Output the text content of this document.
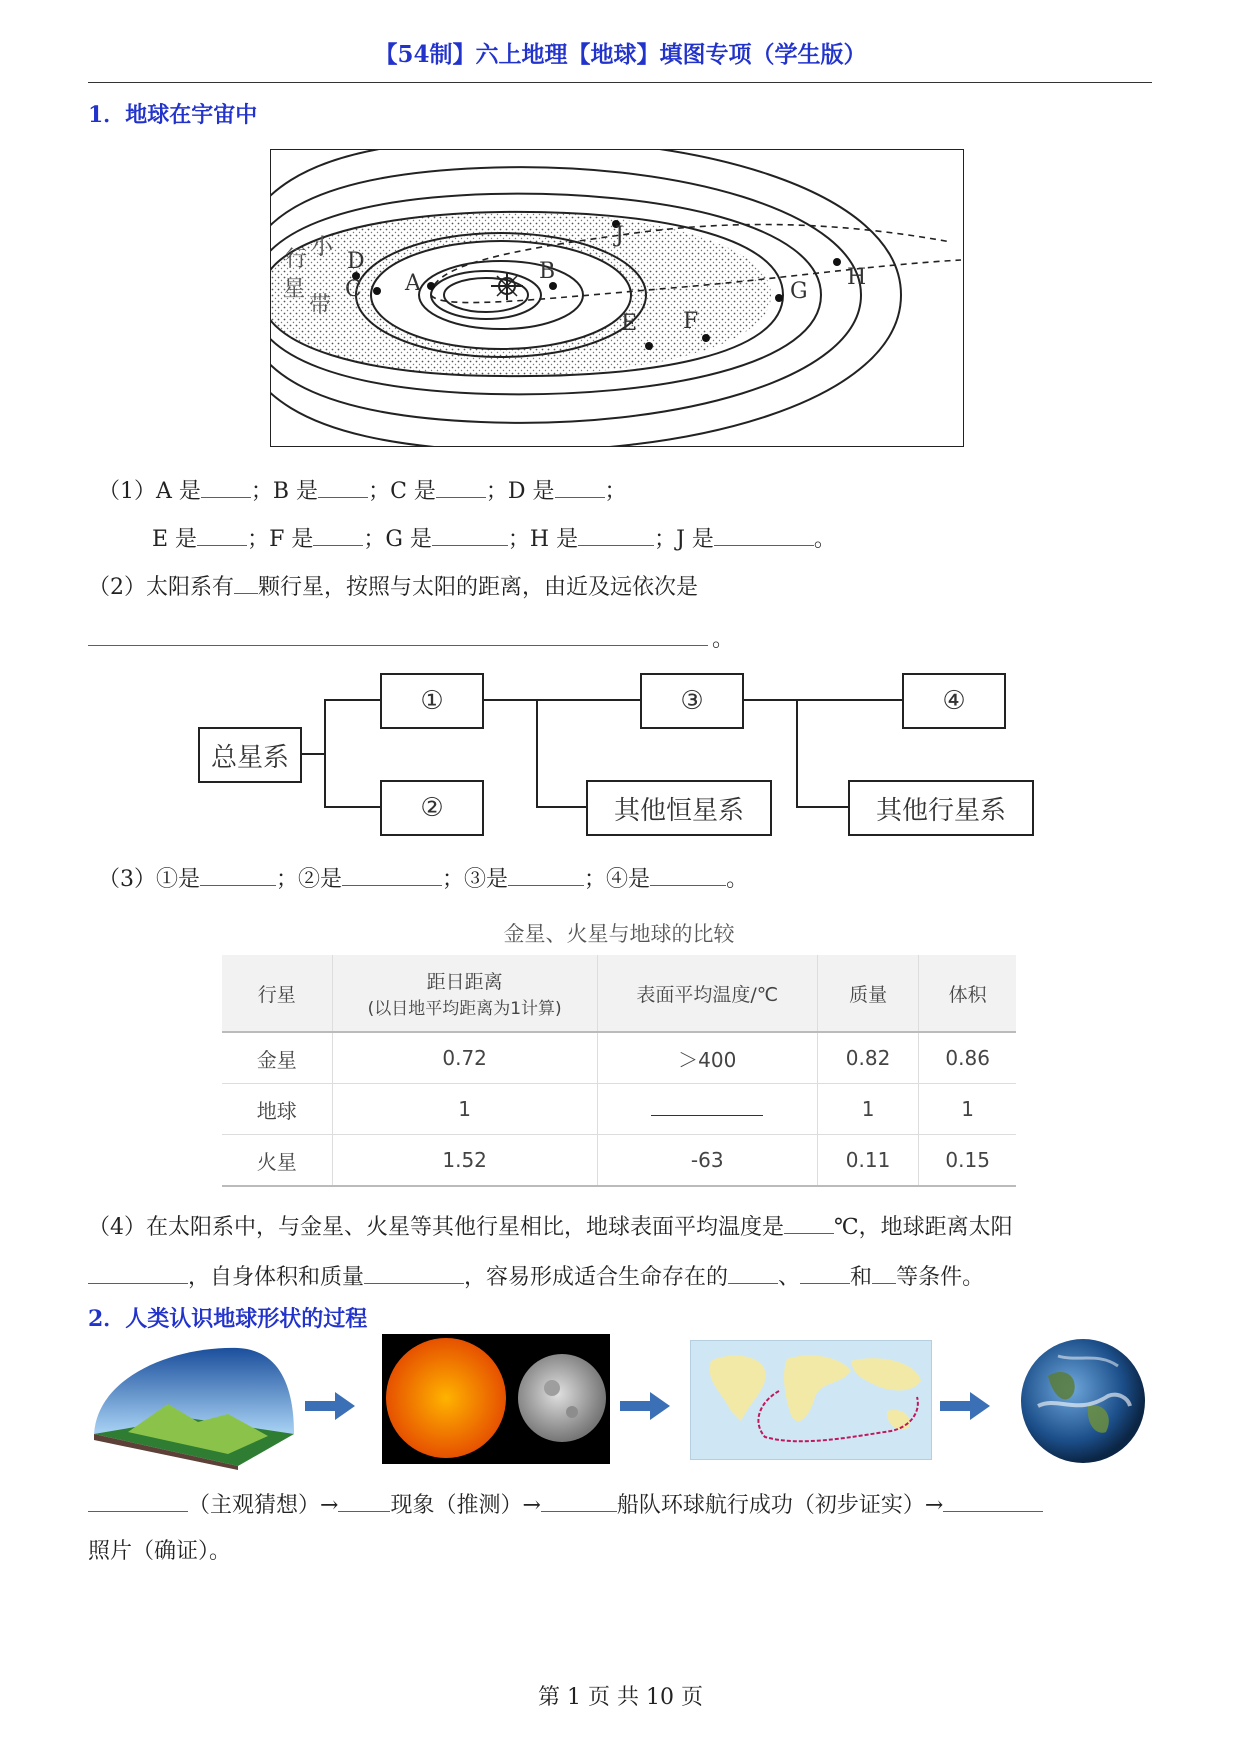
【54制】六上地理【地球】填图专项（学生版）
1．地球在宇宙中
行 小
星
带
D
C A	B
J
E F
G
H
（1）A 是 ；B 是 ；C 是 ；D 是 ；
E 是 ；F 是 ；G 是	；H 是	；J 是	。
（2）太阳系有 颗行星，按照与太阳的距离，由近及远依次是
。
总星系
①
②
③
其他恒星系
④
其他行星系
（3）①是	；②是	；③是	；④是	。
金星、火星与地球的比较
行星	距日距离
(以日地平均距离为1计算)	表面平均温度/℃	质量	体积
金星	0.72	＞400	0.82	0.86
地球	1		1	1
火星	1.52	-63	0.11	0.15
（4）在太阳系中，与金星、火星等其他行星相比，地球表面平均温度是 ℃，地球距离太阳
，自身体积和质量	，容易形成适合生命存在的 、 和 等条件。
2．人类认识地球形状的过程
（主观猜想）→ 现象（推测）→	船队环球航行成功（初步证实）→
照片（确证）。
第 1 页 共 10 页
